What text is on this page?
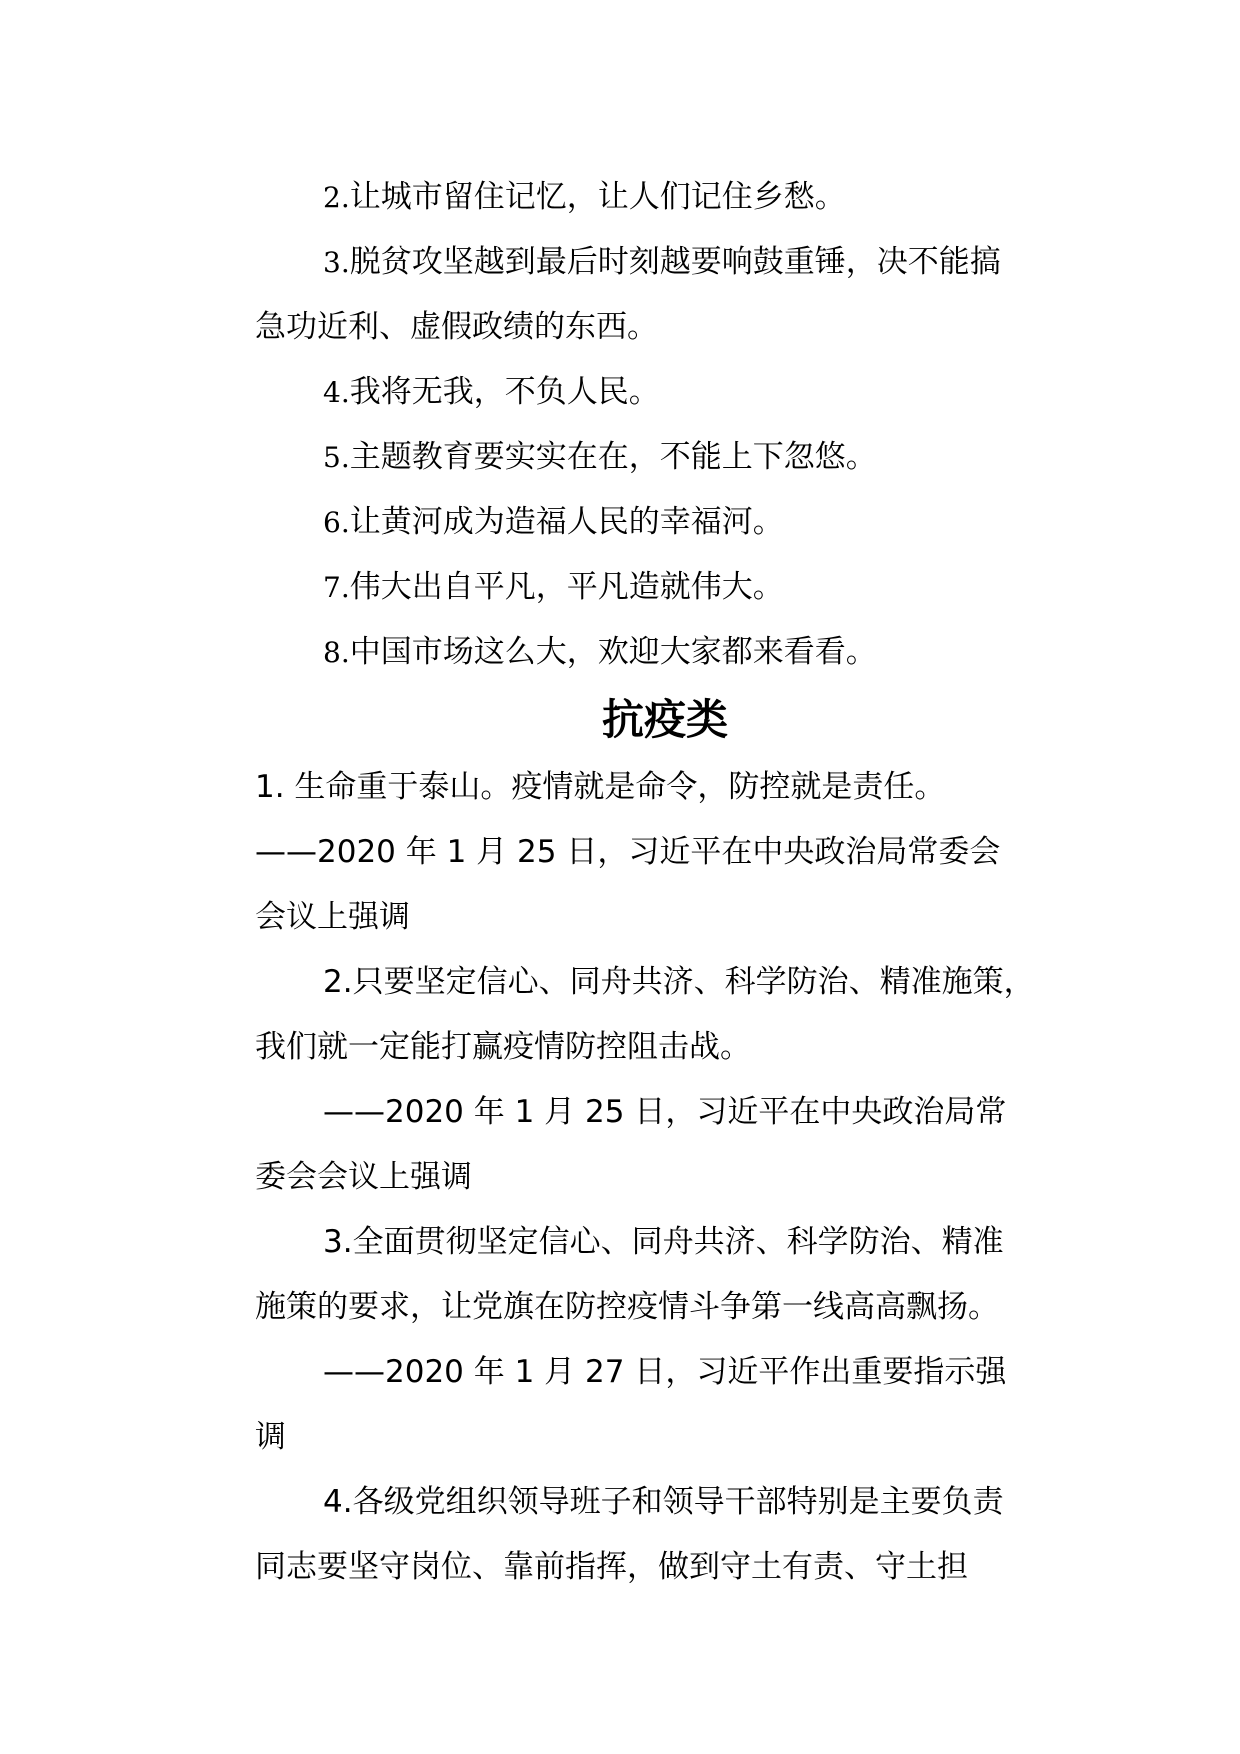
2.让城市留住记忆，让人们记住乡愁。
3.脱贫攻坚越到最后时刻越要响鼓重锤，决不能搞
急功近利、虚假政绩的东西。
4.我将无我，不负人民。
5.主题教育要实实在在，不能上下忽悠。
6.让黄河成为造福人民的幸福河。
7.伟大出自平凡，平凡造就伟大。
8.中国市场这么大，欢迎大家都来看看。
抗疫类
1. 生命重于泰山。疫情就是命令，防控就是责任。
——2020 年 1 月 25 日，习近平在中央政治局常委会
会议上强调
2.只要坚定信心、同舟共济、科学防治、精准施策，
我们就一定能打赢疫情防控阻击战。
——2020 年 1 月 25 日，习近平在中央政治局常
委会会议上强调
3.全面贯彻坚定信心、同舟共济、科学防治、精准
施策的要求，让党旗在防控疫情斗争第一线高高飘扬。
——2020 年 1 月 27 日，习近平作出重要指示强
调
4.各级党组织领导班子和领导干部特别是主要负责
同志要坚守岗位、靠前指挥，做到守土有责、守土担
